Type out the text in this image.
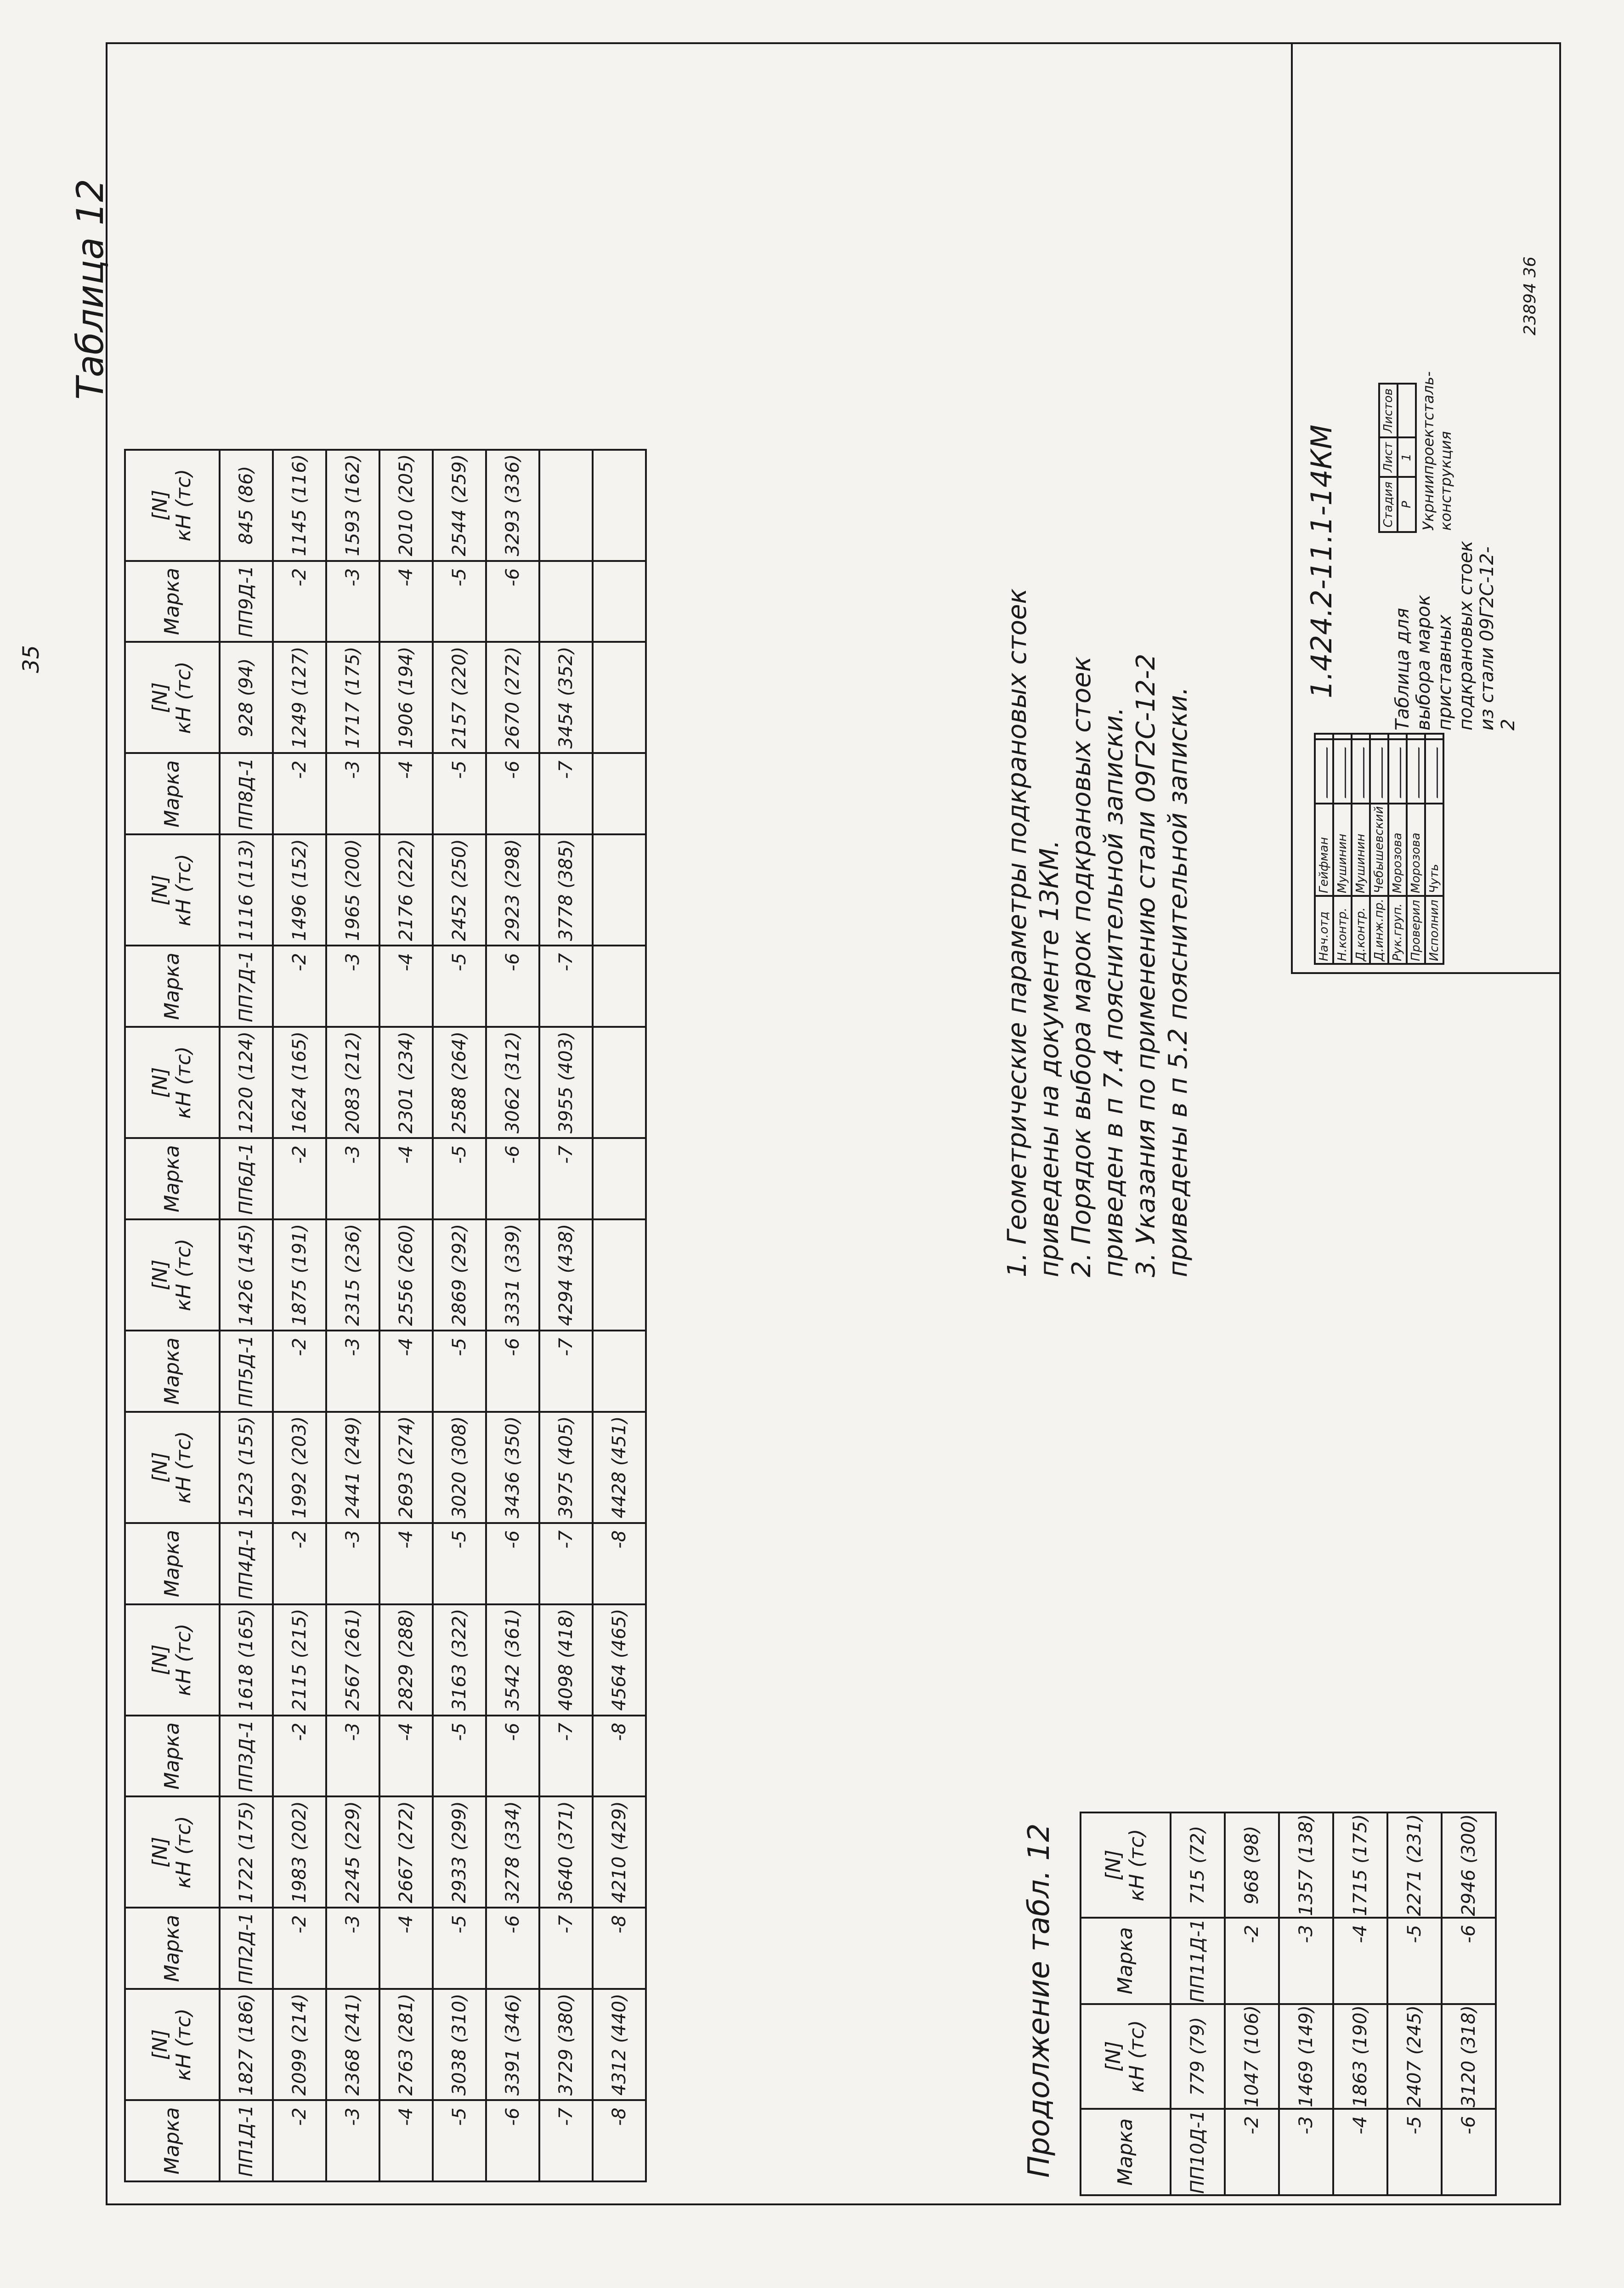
35
Таблица 12
Марка	[N]
кН (тс)	Марка	[N]
кН (тс)	Марка	[N]
кН (тс)	Марка	[N]
кН (тс)	Марка	[N]
кН (тс)	Марка	[N]
кН (тс)	Марка	[N]
кН (тс)	Марка	[N]
кН (тс)	Марка	[N]
кН (тс)
ПП1Д-1	1827 (186)	ПП2Д-1	1722 (175)	ПП3Д-1	1618 (165)	ПП4Д-1	1523 (155)	ПП5Д-1	1426 (145)	ПП6Д-1	1220 (124)	ПП7Д-1	1116 (113)	ПП8Д-1	928 (94)	ПП9Д-1	845 (86)
-2	2099 (214)	-2	1983 (202)	-2	2115 (215)	-2	1992 (203)	-2	1875 (191)	-2	1624 (165)	-2	1496 (152)	-2	1249 (127)	-2	1145 (116)
-3	2368 (241)	-3	2245 (229)	-3	2567 (261)	-3	2441 (249)	-3	2315 (236)	-3	2083 (212)	-3	1965 (200)	-3	1717 (175)	-3	1593 (162)
-4	2763 (281)	-4	2667 (272)	-4	2829 (288)	-4	2693 (274)	-4	2556 (260)	-4	2301 (234)	-4	2176 (222)	-4	1906 (194)	-4	2010 (205)
-5	3038 (310)	-5	2933 (299)	-5	3163 (322)	-5	3020 (308)	-5	2869 (292)	-5	2588 (264)	-5	2452 (250)	-5	2157 (220)	-5	2544 (259)
-6	3391 (346)	-6	3278 (334)	-6	3542 (361)	-6	3436 (350)	-6	3331 (339)	-6	3062 (312)	-6	2923 (298)	-6	2670 (272)	-6	3293 (336)
-7	3729 (380)	-7	3640 (371)	-7	4098 (418)	-7	3975 (405)	-7	4294 (438)	-7	3955 (403)	-7	3778 (385)	-7	3454 (352)		
-8	4312 (440)	-8	4210 (429)	-8	4564 (465)	-8	4428 (451)										
Продолжение табл. 12	Марка	[N]
кН (тс)	Марка	[N]
кН (тс)
ПП10Д-1	779 (79)	ПП11Д-1	715 (72)
-2	1047 (106)	-2	968 (98)
-3	1469 (149)	-3	1357 (138)
-4	1863 (190)	-4	1715 (175)
-5	2407 (245)	-5	2271 (231)
-6	3120 (318)	-6	2946 (300)

1. Геометрические параметры подкрановых стоек приведены на документе 13КМ. 2. Порядок выбора марок подкрановых стоек приведен в п 7.4 пояснительной записки. 3. Указания по применению стали 09Г2С-12-2 приведены в п 5.2 пояснительной записки.	Нач.отд	Гейфман		
Н.контр.	Мушинин		
Д.контр.	Мушинин		
Д.инж.пр.	Чебышевский		
Рук.груп.	Морозова		
Проверил	Морозова		
Исполнил	Чуть		
1.424.2-11.1-14КМ	Таблица для выбора марок приставных подкрановых стоек из стали 09Г2С-12-2
Стадия	Лист	Листов
Р	1	Укрниипроектсталь-конструкция
23894 36
